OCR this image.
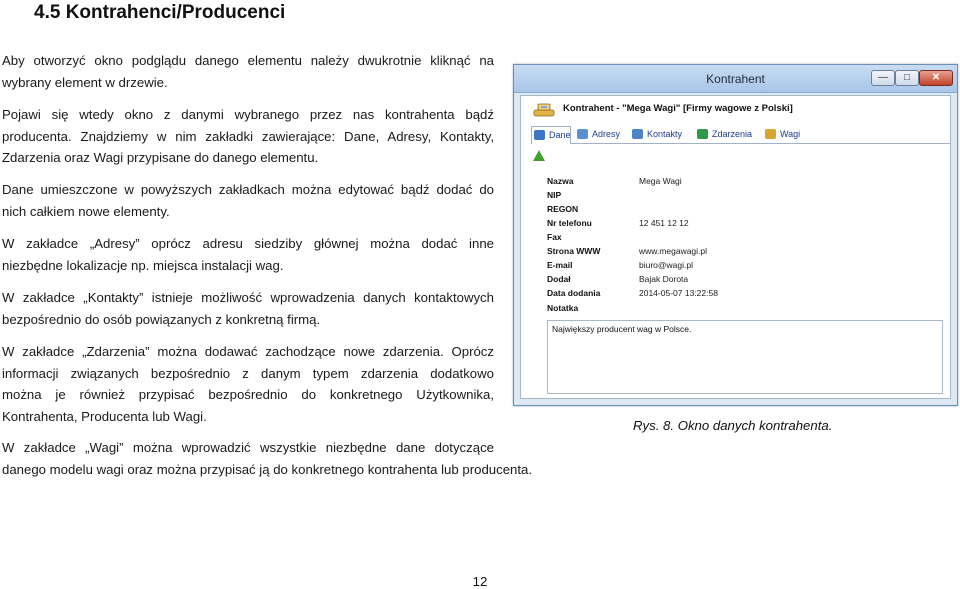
4.5 Kontrahenci/Producenci
Aby otworzyć okno podglądu danego elementu należy dwukrotnie kliknąć na
wybrany element w drzewie.
Pojawi się wtedy okno z danymi wybranego przez nas kontrahenta bądź
producenta. Znajdziemy w nim zakładki zawierające: Dane, Adresy, Kontakty,
Zdarzenia oraz Wagi przypisane do danego elementu.
Dane umieszczone w powyższych zakładkach można edytować bądź dodać do
nich całkiem nowe elementy.
W zakładce „Adresy” oprócz adresu siedziby głównej można dodać inne
niezbędne lokalizacje np. miejsca instalacji wag.
W zakładce „Kontakty” istnieje możliwość wprowadzenia danych kontaktowych
bezpośrednio do osób powiązanych z konkretną firmą.
W zakładce „Zdarzenia” można dodawać zachodzące nowe zdarzenia. Oprócz
informacji związanych bezpośrednio z danym typem zdarzenia dodatkowo
można je również przypisać bezpośrednio do konkretnego Użytkownika,
Kontrahenta, Producenta lub Wagi.
W zakładce „Wagi” można wprowadzić wszystkie niezbędne dane dotyczące
danego modelu wagi oraz można przypisać ją do konkretnego kontrahenta lub producenta.
Kontrahent	—	□	✕
Kontrahent - "Mega Wagi" [Firmy wagowe z Polski]
Dane	Adresy	Kontakty	Zdarzenia	Wagi
Nazwa	Mega Wagi
NIP
REGON
Nr telefonu	12 451 12 12
Fax
Strona WWW	www.megawagi.pl
E-mail	biuro@wagi.pl
Dodał	Bajak Dorota
Data dodania	2014-05-07 13:22:58
Notatka
Największy producent wag w Polsce.
Rys. 8. Okno danych kontrahenta.
12
